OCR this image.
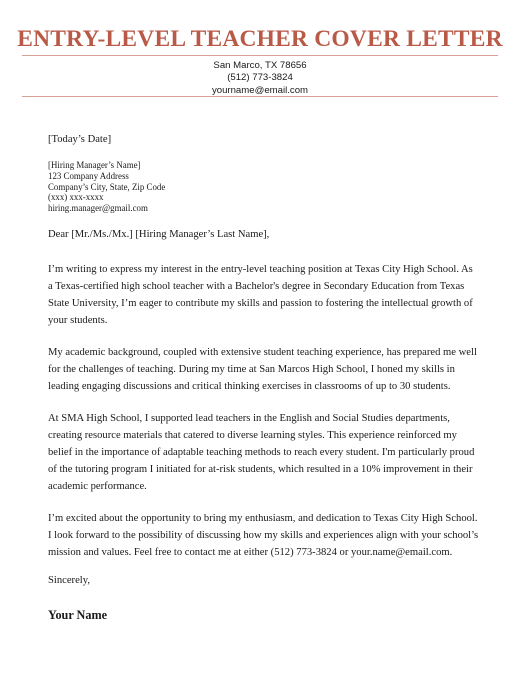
ENTRY-LEVEL TEACHER COVER LETTER
San Marco, TX 78656
(512) 773-3824
yourname@email.com
[Today’s Date]
[Hiring Manager’s Name]
123 Company Address
Company’s City, State, Zip Code
(xxx) xxx-xxxx
hiring.manager@gmail.com
Dear [Mr./Ms./Mx.] [Hiring Manager’s Last Name],

I’m writing to express my interest in the entry-level teaching position at Texas City High School. As a Texas-certified high school teacher with a Bachelor's degree in Secondary Education from Texas State University, I’m eager to contribute my skills and passion to fostering the intellectual growth of your students.

My academic background, coupled with extensive student teaching experience, has prepared me well for the challenges of teaching. During my time at San Marcos High School, I honed my skills in leading engaging discussions and critical thinking exercises in classrooms of up to 30 students.

At SMA High School, I supported lead teachers in the English and Social Studies departments, creating resource materials that catered to diverse learning styles. This experience reinforced my belief in the importance of adaptable teaching methods to reach every student. I'm particularly proud of the tutoring program I initiated for at-risk students, which resulted in a 10% improvement in their academic performance.

I’m excited about the opportunity to bring my enthusiasm, and dedication to Texas City High School. I look forward to the possibility of discussing how my skills and experiences align with your school’s mission and values. Feel free to contact me at either (512) 773-3824 or your.name@email.com.

Sincerely,
Your Name
